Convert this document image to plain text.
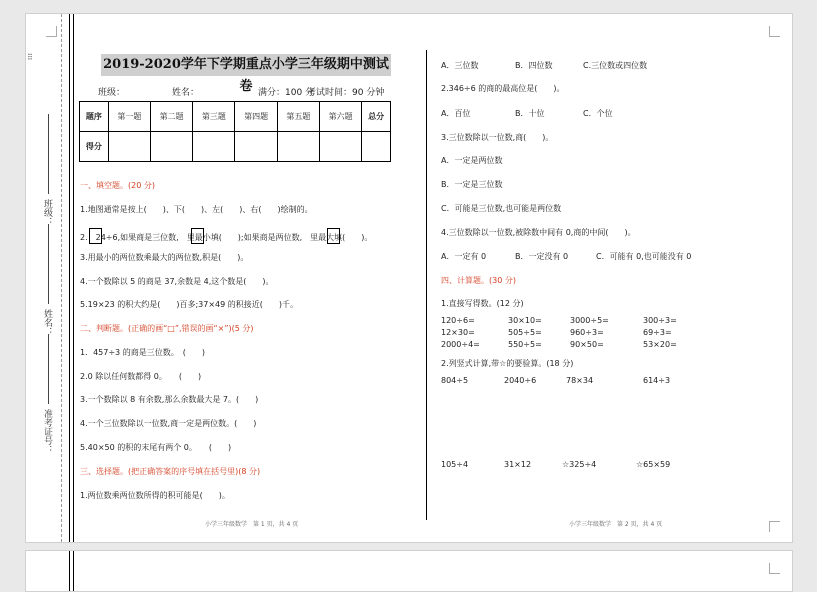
班级：
姓名：
准考证号：
⠿	2019-2020学年下学期重点小学三年级期中测试卷
班级：	姓名：	满分：100 分
考试时间：90 分钟
题序	第一题	第二题	第三题	第四题	第五题	第六题	总分
得分							
一、填空题。(20 分)
1.地图通常是按上(　　)、下(　　)、左(　　)、右(　　)绘制的。
2.　24÷6,如果商是三位数,　里最小填(　　);如果商是两位数,　里最大填(　　)。
3.用最小的两位数乘最大的两位数,积是(　　)。
4.一个数除以 5 的商是 37,余数是 4,这个数是(　　)。
5.19×23 的积大约是(　　)百多;37×49 的积接近(　　)千。
二、判断题。(正确的画“□”,错误的画“×”)(5 分)
1．457÷3 的商是三位数。　(　　)
2.0 除以任何数都得 0。　　(　　)
3.一个数除以 8 有余数,那么余数最大是 7。(　　)
4.一个三位数除以一位数,商一定是两位数。(　　)
5.40×50 的积的末尾有两个 0。　　(　　)
三、选择题。(把正确答案的序号填在括号里)(8 分)
1.两位数乘两位数所得的积可能是(　　)。
A．三位数	B．四位数	C.三位数或四位数
2.346÷6 的商的最高位是(　　)。
A．百位	B．十位	C．个位
3.三位数除以一位数,商(　　)。
A．一定是两位数
B．一定是三位数
C．可能是三位数,也可能是两位数
4.三位数除以一位数,被除数中间有 0,商的中间(　　)。
A．一定有 0	B．一定没有 0	C．可能有 0,也可能没有 0
四、计算题。(30 分)
1.直接写得数。(12 分)
120÷6=	30×10=	3000÷5=	300÷3=
12×30=	505÷5=	960÷3=	69÷3=
2000÷4=	550÷5=	90×50=	53×20=
2.列竖式计算,带☆的要验算。(18 分)
804÷5	2040÷6	78×34	614÷3
105÷4	31×12	☆325÷4	☆65×59
小学三年级数学　第 1 页，共 4 页	小学三年级数学　第 2 页，共 4 页
